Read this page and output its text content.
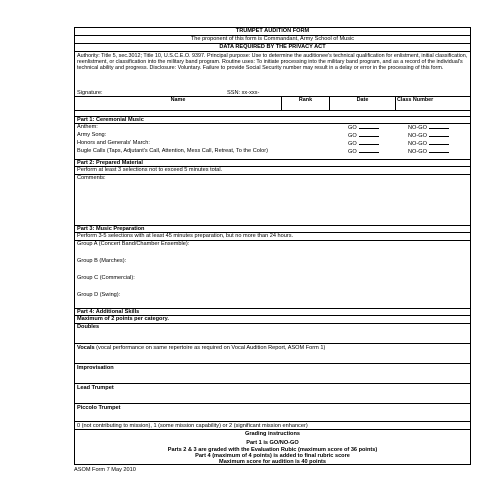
TRUMPET AUDITION FORM
The proponent of this form is Commandant, Army School of Music
DATA REQUIRED BY THE PRIVACY ACT
Authority: Title 5, sec.3012; Title 10, U.S.C.E.O. 9397. Principal purpose: Use to determine the auditionee's technical qualification for enlistment, initial classification, reenlistment, or classification into the military band program. Routine uses: To initiate processing into the military band program, and as a record of the individual's technical ability and progress. Disclosure: Voluntary. Failure to provide Social Security number may result in a delay or error in the processing of this form.
Signature:	SSN: xx-xxx-
Name	Rank	Date	Class Number
Part 1: Ceremonial Music
Anthem:	GO	NO-GO
Army Song:	GO	NO-GO
Honors and Generals' March:	GO	NO-GO
Bugle Calls (Taps, Adjutant's Call, Attention, Mess Call, Retreat, To the Color)	GO	NO-GO
Part 2: Prepared Material
Perform at least 3 selections not to exceed 5 minutes total.
Comments:
Part 3: Music Preparation
Perform 3-5 selections with at least 45 minutes preparation, but no more than 24 hours.
Group A (Concert Band/Chamber Ensemble):
Group B (Marches):
Group C (Commercial):
Group D (Swing):
Part 4: Additional Skills
Maximum of 2 points per category.
Doubles
Vocals (vocal performance on same repertoire as required on Vocal Audition Report, ASOM Form 1)
Improvisation
Lead Trumpet
Piccolo Trumpet
0 (not contributing to mission), 1 (some mission capability) or 2 (significant mission enhancer)
Grading instructions
Part 1 is GO/NO-GO
Parts 2 & 3 are graded with the Evaluation Rubic (maximum score of 36 points)
Part 4 (maximum of 4 points) is added to final rubric score
Maximum score for audition is 40 points
ASOM Form 7 May 2010
